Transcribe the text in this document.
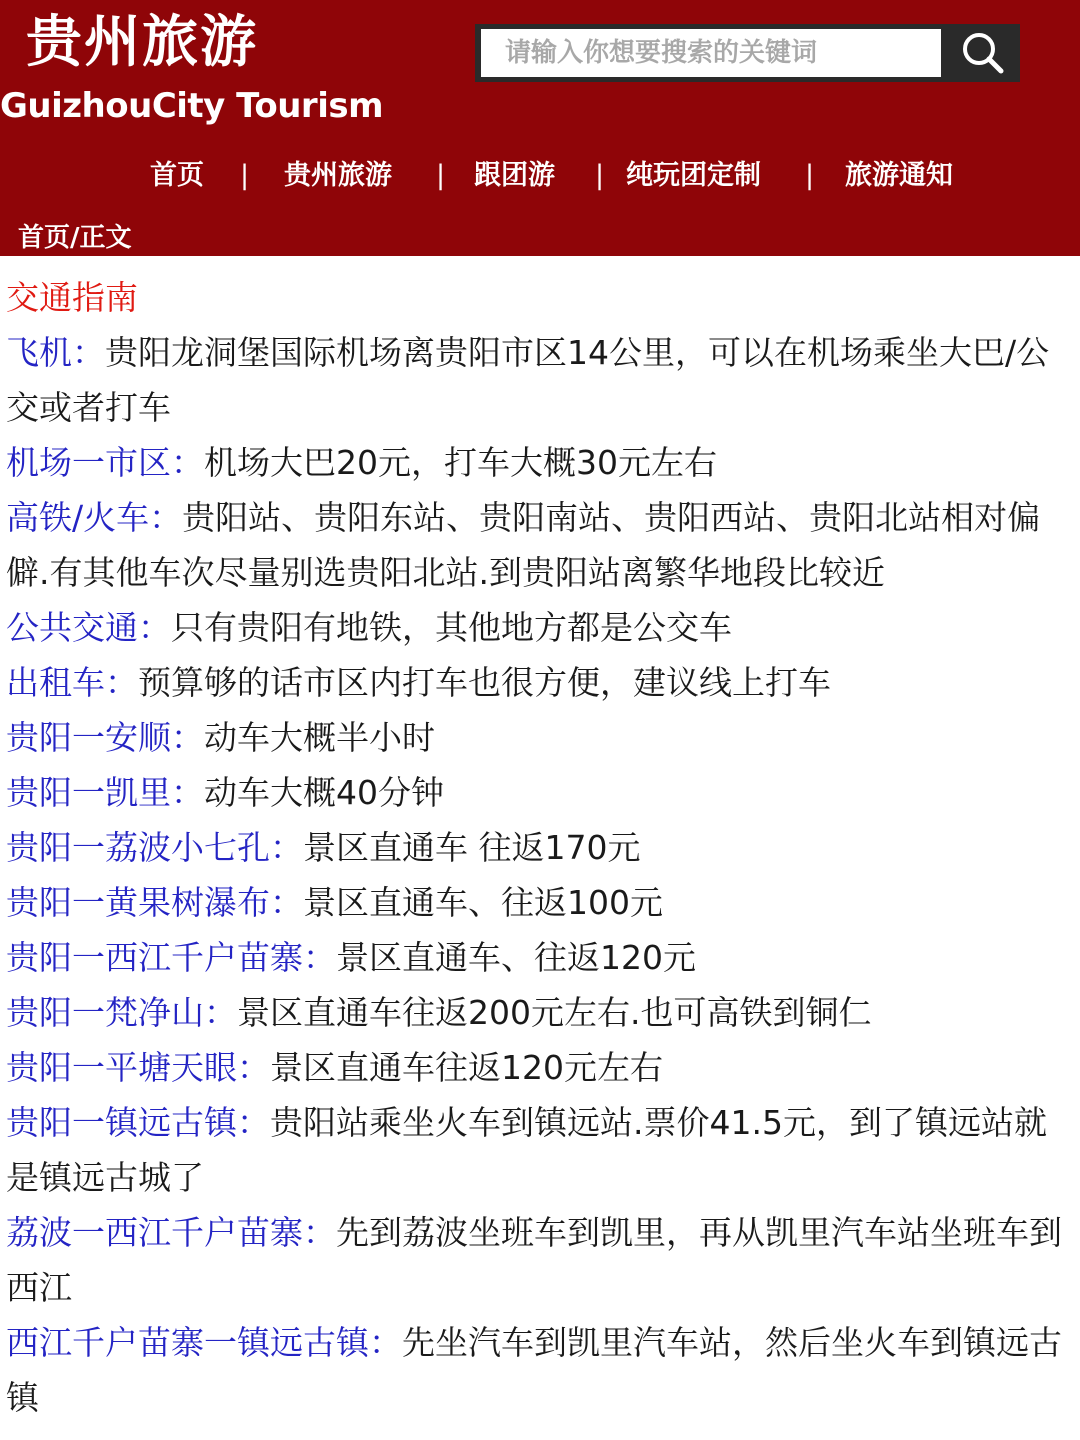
贵州旅游
GuizhouCity Tourism
请输入你想要搜索的关键词
首页 | 贵州旅游 | 跟团游 | 纯玩团定制 | 旅游通知
首页/正文
交通指南
飞机：贵阳龙洞堡国际机场离贵阳市区14公里，可以在机场乘坐大巴/公交或者打车
机场一市区：机场大巴20元，打车大概30元左右
高铁/火车：贵阳站、贵阳东站、贵阳南站、贵阳西站、贵阳北站相对偏僻.有其他车次尽量别选贵阳北站.到贵阳站离繁华地段比较近
公共交通：只有贵阳有地铁，其他地方都是公交车
出租车：预算够的话市区内打车也很方便，建议线上打车
贵阳一安顺：动车大概半小时
贵阳一凯里：动车大概40分钟
贵阳一荔波小七孔：景区直通车 往返170元
贵阳一黄果树瀑布：景区直通车、往返100元
贵阳一西江千户苗寨：景区直通车、往返120元
贵阳一梵净山：景区直通车往返200元左右.也可高铁到铜仁
贵阳一平塘天眼：景区直通车往返120元左右
贵阳一镇远古镇：贵阳站乘坐火车到镇远站.票价41.5元，到了镇远站就是镇远古城了
荔波一西江千户苗寨：先到荔波坐班车到凯里，再从凯里汽车站坐班车到西江
西江千户苗寨一镇远古镇：先坐汽车到凯里汽车站，然后坐火车到镇远古镇
